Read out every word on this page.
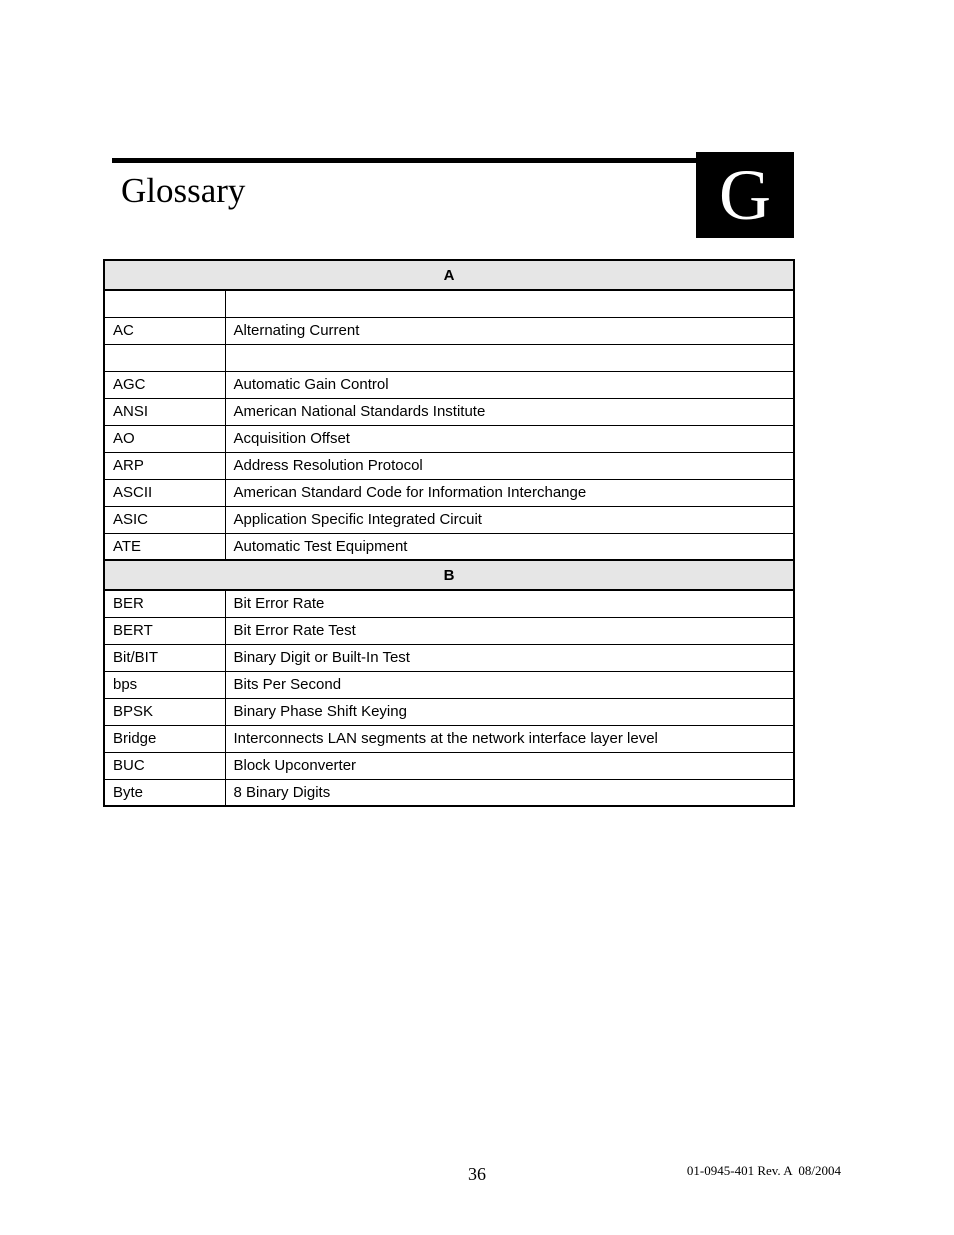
Glossary	G
A	

AC	Alternating Current

AGC	Automatic Gain Control
ANSI	American National Standards Institute
AO	Acquisition Offset
ARP	Address Resolution Protocol
ASCII	American Standard Code for Information Interchange
ASIC	Application Specific Integrated Circuit
ATE	Automatic Test Equipment
B	
BER	Bit Error Rate
BERT	Bit Error Rate Test
Bit/BIT	Binary Digit or Built-In Test
bps	Bits Per Second
BPSK	Binary Phase Shift Keying
Bridge	Interconnects LAN segments at the network interface layer level
BUC	Block Upconverter
Byte	8 Binary Digits
36	01-0945-401 Rev. A  08/2004
